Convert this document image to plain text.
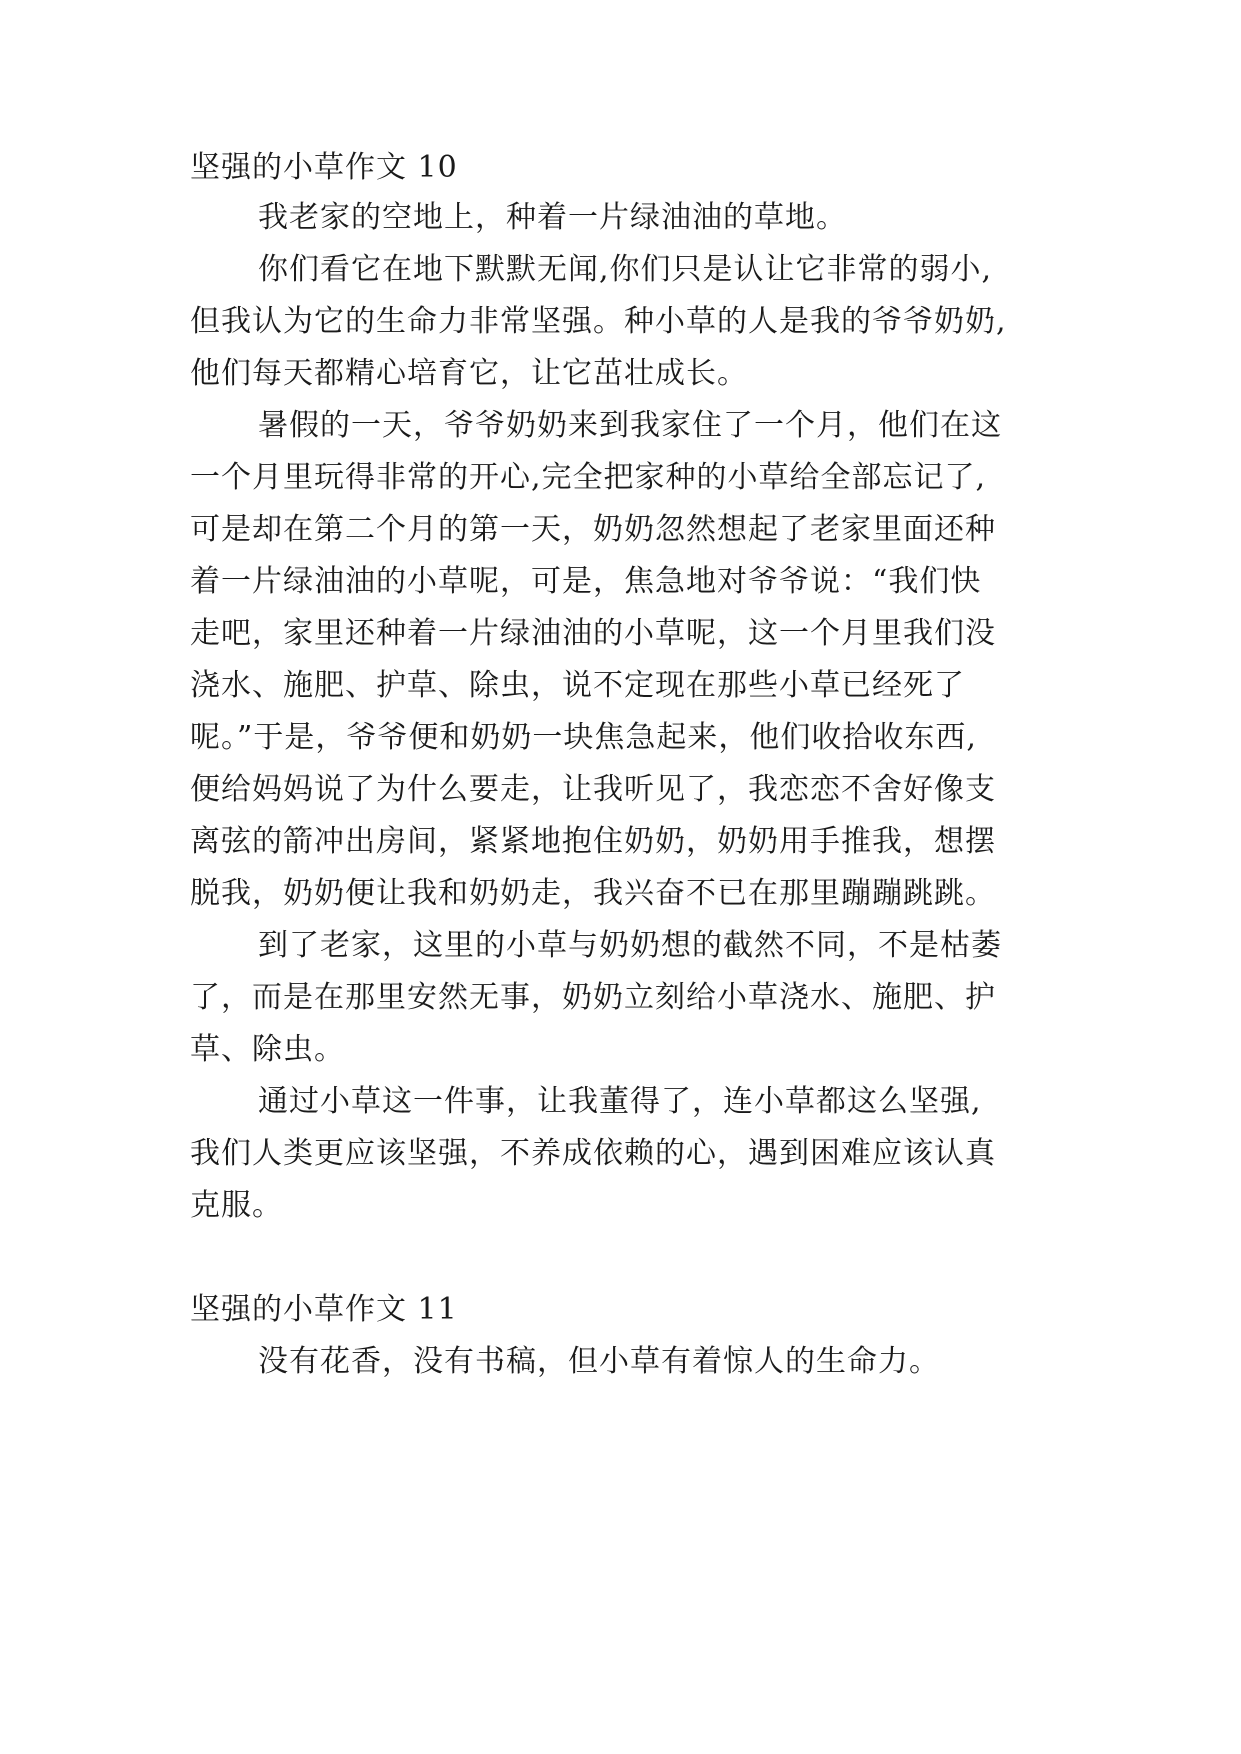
坚强的小草作文 10
我老家的空地上，种着一片绿油油的草地。
你们看它在地下默默无闻,你们只是认让它非常的弱小,
但我认为它的生命力非常坚强。种小草的人是我的爷爷奶奶,
他们每天都精心培育它，让它茁壮成长。
暑假的一天，爷爷奶奶来到我家住了一个月，他们在这
一个月里玩得非常的开心,完全把家种的小草给全部忘记了,
可是却在第二个月的第一天，奶奶忽然想起了老家里面还种
着一片绿油油的小草呢，可是，焦急地对爷爷说：“我们快
走吧，家里还种着一片绿油油的小草呢，这一个月里我们没
浇水、施肥、护草、除虫，说不定现在那些小草已经死了
呢。”于是，爷爷便和奶奶一块焦急起来，他们收拾收东西,
便给妈妈说了为什么要走，让我听见了，我恋恋不舍好像支
离弦的箭冲出房间，紧紧地抱住奶奶，奶奶用手推我，想摆
脱我，奶奶便让我和奶奶走，我兴奋不已在那里蹦蹦跳跳。
到了老家，这里的小草与奶奶想的截然不同，不是枯萎
了，而是在那里安然无事，奶奶立刻给小草浇水、施肥、护
草、除虫。
通过小草这一件事，让我董得了，连小草都这么坚强,
我们人类更应该坚强，不养成依赖的心，遇到困难应该认真
克服。
坚强的小草作文 11
没有花香，没有书稿，但小草有着惊人的生命力。
